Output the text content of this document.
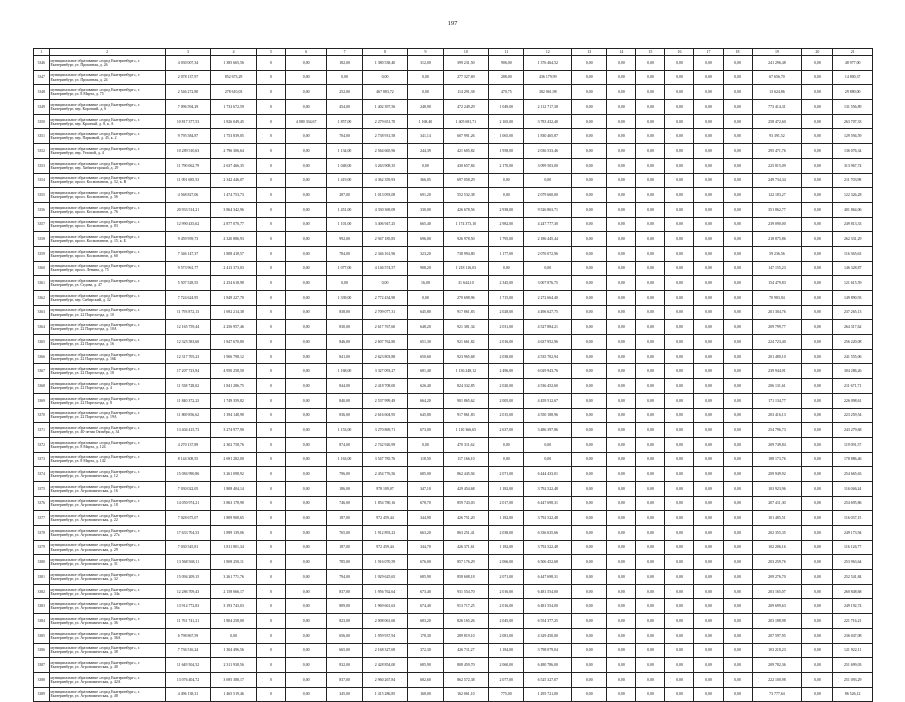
197
1	2	3	4	5	6	7	8	9	10	11	12	13	14	15	16	17	18	19	20	21
3346	муниципальное образование «город Екатеринбург», г. Екатеринбург, ул. Прокатная, д. 26	4 030 007,34	1 385 665,56	0	0,00	182,00	1 380 538,40	312,00	399 231,50	906,00	1 376 464,52	0,00	0,00	0,00	0,00	0,00	0,00	241 296,48	0,00	48 977,00
3347	муниципальное образование «город Екатеринбург», г. Екатеринбург, ул. Прокатная, д. 24	2 078 137,97	852 673,29	0	0,00	0,00	0,00	0,00	277 327,69	288,00	436 179,99	0,00	0,00	0,00	0,00	0,00	0,00	67 656,70	0,00	14 800,37
3348	муниципальное образование «город Екатеринбург», г. Екатеринбург, ул. 8 Марта, д. 75	2 546 272,80	278 610,03	0	0,00	252,00	467 883,72	0,00	114 291,38	470,75	382 061,98	0,00	0,00	0,00	0,00	0,00	0,00	13 624,86	0,00	29 880,00
3349	муниципальное образование «город Екатеринбург», г. Екатеринбург, пер. Короткий, д. 6	7 096 594,29	1 733 672,59	0	0,00	454,00	1 402 397,56	248,90	472 249,29	1 049,00	2 112 717,38	0,00	0,00	0,00	0,00	0,00	0,00	773 414,31	0,00	131 556,89
3350	муниципальное образование «город Екатеринбург», г. Екатеринбург, пер. Красный, д. 8, к. А	10 817 377,53	1 826 049,45	0	4 080 334,67	1 857,00	2 279 651,70	1 168,40	1 405 681,71	2 165,00	3 783 432,40	0,00	0,00	0,00	0,00	0,00	0,00	258 472,60	0,00	263 707,33
3351	муниципальное образование «город Екатеринбург», г. Екатеринбург, пер. Парковый, д. 45, к. 2	9 795 584,87	1 753 839,05	0	0,00	704,00	2 738 931,58	341,14	607 991,26	1 065,00	1 830 465,87	0,00	0,00	0,00	0,00	0,00	0,00	93 391,52	0,00	129 594,59
3352	муниципальное образование «город Екатеринбург», г. Екатеринбург, пер. Угловой, д. 4	10 289 510,63	2 796 306,64	0	0,00	1 134,00	2 564 665,96	244,39	421 605,82	1 958,00	2 036 533,46	0,00	0,00	0,00	0,00	0,00	0,00	295 471,76	0,00	136 076,34
3353	муниципальное образование «город Екатеринбург», г. Екатеринбург, пер. Хибиногорский, д. 29	11 790 062,79	2 637 466,35	0	0,00	1 048,00	3 263 908,35	0,00	430 657,84	2 170,00	3 099 503,00	0,00	0,00	0,00	0,00	0,00	0,00	225 815,09	0,00	313 967,74
3354	муниципальное образование «город Екатеринбург», г. Екатеринбург, просп. Космонавтов, д. 52, к. В	11 091 685,53	2 342 446,07	0	0,00	1 419,00	4 362 359,93	366,05	697 058,29	0,00	0,00	0,00	0,00	0,00	0,00	0,00	0,00	249 734,34	0,00	211 703,98
3355	муниципальное образование «город Екатеринбург», г. Екатеринбург, просп. Космонавтов, д. 56	4 568 827,06	1 474 753,73	0	0,00	287,00	1 013 093,08	691,20	552 532,38	0,00	2 079 660,00	0,00	0,00	0,00	0,00	0,00	0,00	122 183,27	0,00	122 326,28
3356	муниципальное образование «город Екатеринбург», г. Екатеринбург, просп. Космонавтов, д. 76	20 933 514,21	3 864 342,96	0	0,00	1 451,00	4 330 369,09	330,00	426 678,56	2 938,00	9 526 863,71	0,00	0,00	0,00	0,00	0,00	0,00	351 862,77	0,00	401 864,06
3357	муниципальное образование «город Екатеринбург», г. Екатеринбург, просп. Космонавтов, д. 83	12 990 435,62	2 877 070,77	0	0,00	1 101,00	3 406 947,25	665,40	1 174 373,10	2 982,00	4 247 777,30	0,00	0,00	0,00	0,00	0,00	0,00	239 090,00	0,00	249 813,33
3358	муниципальное образование «город Екатеринбург», г. Екатеринбург, просп. Космонавтов, д. 15, к. Б	9 459 959,73	2 320 886,93	0	0,00	992,00	2 947 185,85	696,00	926 978,50	1 795,00	2 186 445,44	0,00	0,00	0,00	0,00	0,00	0,00	218 875,86	0,00	262 331,29
3359	муниципальное образование «город Екатеринбург», г. Екатеринбург, просп. Космонавтов, д. 60	7 346 147,37	1 808 418,57	0	0,00	784,00	2 346 161,96	323,20	738 994,80	1 177,00	2 076 072,96	0,00	0,00	0,00	0,00	0,00	0,00	59 236,56	0,00	116 365,63
3360	муниципальное образование «город Екатеринбург», г. Екатеринбург, просп. Ленина, д. 75	9 573 961,77	2 413 373,03	0	0,00	1 077,00	4 146 574,57	908,20	1 218 116,03	0,00	0,00	0,00	0,00	0,00	0,00	0,00	0,00	147 155,23	0,00	146 328,87
3361	муниципальное образование «город Екатеринбург», г. Екатеринбург, ул. Седова, д. 47	5 507 528,55	2 254 618,98	0	0,00	0,00	0,00	16,00	31 644,10	2 345,00	3 007 876,75	0,00	0,00	0,00	0,00	0,00	0,00	154 479,83	0,00	121 615,59
3362	муниципальное образование «город Екатеринбург», г. Екатеринбург, пер. Сибирский, д. 32	7 724 624,95	1 849 227,70	0	0,00	1 339,00	2 772 434,90	0,00	270 698,96	1 715,00	2 272 664,40	0,00	0,00	0,00	0,00	0,00	0,00	70 983,94	0,00	149 890,93
3363	муниципальное образование «город Екатеринбург», г. Екатеринбург, ул. 22 Партсъезда, д. 10	11 793 872,13	1 692 214,38	0	0,00	838,00	2 709 077,31	645,80	917 861,83	2 028,00	4 496 627,75	0,00	0,00	0,00	0,00	0,00	0,00	201 304,76	0,00	237 265,13
3364	муниципальное образование «город Екатеринбург», г. Екатеринбург, ул. 22 Партсъезда, д. 10А	12 165 759,44	2 256 957,46	0	0,00	830,00	2 617 767,60	648,20	921 381,34	2 031,00	4 527 884,21	0,00	0,00	0,00	0,00	0,00	0,00	209 799,77	0,00	264 317,62
3365	муниципальное образование «город Екатеринбург», г. Екатеринбург, ул. 22 Партсъезда, д. 16	12 325 583,60	1 847 670,80	0	0,00	846,00	2 607 762,80	651,30	921 661,82	2 016,00	4 637 952,96	0,00	0,00	0,00	0,00	0,00	0,00	224 723,40	0,00	256 220,08
3366	муниципальное образование «город Екатеринбург», г. Екатеринбург, ул. 22 Партсъезда, д. 16Б	12 317 705,23	1 906 798,12	0	0,00	841,00	2 623 803,88	650,60	923 965,68	2 038,00	4 535 702,94	0,00	0,00	0,00	0,00	0,00	0,00	201 480,10	0,00	241 555,06
3367	муниципальное образование «город Екатеринбург», г. Екатеринбург, ул. 22 Партсъезда, д. 18	17 207 723,94	4 950 258,50	0	0,00	1 168,00	3 327 093,27	681,40	1 136 248,12	2 496,00	6 029 943,76	0,00	0,00	0,00	0,00	0,00	0,00	239 944,91	0,00	304 286,26
3368	муниципальное образование «город Екатеринбург», г. Екатеринбург, ул. 22 Партсъезда, д. 4	11 538 728,02	1 841 286,75	0	0,00	844,00	2 418 708,00	626,40	824 332,85	2 020,00	4 536 452,60	0,00	0,00	0,00	0,00	0,00	0,00	206 131,61	0,00	211 671,71
3369	муниципальное образование «город Екатеринбург», г. Екатеринбург, ул. 22 Партсъезда, д. 8	11 840 372,23	1 749 359,82	0	0,00	840,00	2 537 999,49	664,20	901 865,62	2 005,00	4 459 512,67	0,00	0,00	0,00	0,00	0,00	0,00	171 134,77	0,00	226 098,61
3370	муниципальное образование «город Екатеринбург», г. Екатеринбург, ул. 22 Партсъезда, д. 19А	11 869 856,62	1 394 148,98	0	0,00	836,00	2 616 604,95	645,80	917 861,83	2 015,00	4 550 188,96	0,00	0,00	0,00	0,00	0,00	0,00	203 416,13	0,00	223 259,54
3371	муниципальное образование «город Екатеринбург», г. Екатеринбург, ул. 40-летия Октября, д. 34	13 404 415,73	3 274 977,90	0	0,00	1 153,00	3 270 869,71	673,00	1 110 366,65	2 637,00	3 486 397,86	0,00	0,00	0,00	0,00	0,00	0,00	254 796,73	0,00	243 279,68
3372	муниципальное образование «город Екатеринбург», г. Екатеринбург, ул. 8 Марта, д. 124	4 270 137,89	2 302 758,76	0	0,00	874,00	2 742 926,99	0,00	470 311,62	0,00	0,00	0,00	0,00	0,00	0,00	0,00	0,00	209 749,84	0,00	119 091,57
3373	муниципальное образование «город Екатеринбург», г. Екатеринбург, ул. 8 Марта, д. 142	8 144 308,55	2 691 282,00	0	0,00	1 163,00	3 547 785,76	118,50	117 166,10	0,00	0,00	0,00	0,00	0,00	0,00	0,00	0,00	188 173,76	0,00	178 886,46
3374	муниципальное образование «город Екатеринбург», г. Екатеринбург, ул. Агрономическая, д. 12	15 084 990,86	3 261 098,92	0	0,00	796,00	2 454 776,56	685,00	862 445,94	2 071,00	6 444 433,01	0,00	0,00	0,00	0,00	0,00	0,00	209 949,92	0,00	254 665,63
3375	муниципальное образование «город Екатеринбург», г. Екатеринбург, ул. Агрономическая, д. 16	7 030 022,05	1 808 404,14	0	0,00	186,00	978 109,07	347,10	429 454,68	1 182,00	3 792 522,48	0,00	0,00	0,00	0,00	0,00	0,00	103 923,96	0,00	116 046,24
3376	муниципальное образование «город Екатеринбург», г. Екатеринбург, ул. Агрономическая, д. 18	14 050 974,21	3 863 178,98	0	0,00	746,00	1 854 780,16	678,70	859 743,03	2 017,00	6 447 698,31	0,00	0,00	0,00	0,00	0,00	0,00	207 411,30	0,00	254 695,86
3377	муниципальное образование «город Екатеринбург», г. Екатеринбург, ул. Агрономическая, д. 22	7 028 675,07	1 809 908,65	0	0,00	187,00	972 459,44	344,90	426 751,20	1 182,00	3 792 522,48	0,00	0,00	0,00	0,00	0,00	0,00	101 485,51	0,00	116 037,15
3378	муниципальное образование «город Екатеринбург», г. Екатеринбург, ул. Агрономическая, д. 27а	17 633 704,53	1 899 139,06	0	0,00	765,00	1 912 893,23	663,20	863 251,41	2 038,00	6 336 635,66	0,00	0,00	0,00	0,00	0,00	0,00	202 355,35	0,00	249 173,94
3379	муниципальное образование «город Екатеринбург», г. Екатеринбург, ул. Агрономическая, д. 29	7 030 545,81	1 811 801,34	0	0,00	187,00	972 459,44	344,70	426 371,61	1 182,00	3 792 522,48	0,00	0,00	0,00	0,00	0,00	0,00	102 206,16	0,00	116 126,77
3380	муниципальное образование «город Екатеринбург», г. Екатеринбург, ул. Агрономическая, д. 31	13 568 568,11	1 869 250,11	0	0,00	785,00	1 916 070,59	676,00	857 176,29	2 066,00	6 506 452,68	0,00	0,00	0,00	0,00	0,00	0,00	203 259,76	0,00	253 963,64
3381	муниципальное образование «город Екатеринбург», г. Екатеринбург, ул. Агрономическая, д. 32	15 094 209,15	3 261 771,76	0	0,00	794,00	1 929 625,65	685,90	858 608,18	2 071,00	6 447 698,31	0,00	0,00	0,00	0,00	0,00	0,00	209 276,70	0,00	252 541,84
3382	муниципальное образование «город Екатеринбург», г. Екатеринбург, ул. Агрономическая, д. 34а	12 286 709,43	2 158 066,17	0	0,00	837,00	1 956 762,64	673,40	931 554,70	2 016,00	6 481 554,00	0,00	0,00	0,00	0,00	0,00	0,00	203 165,07	0,00	260 848,68
3383	муниципальное образование «город Екатеринбург», г. Екатеринбург, ул. Агрономическая, д. 36а	13 914 772,83	3 193 743,03	0	0,00	809,00	1 969 661,63	674,40	913 717,25	2 016,00	6 481 554,00	0,00	0,00	0,00	0,00	0,00	0,00	209 699,63	0,00	249 192,74
3384	муниципальное образование «город Екатеринбург», г. Екатеринбург, ул. Агрономическая, д. 36	11 761 741,21	1 804 258,00	0	0,00	823,00	2 008 061,60	683,20	826 165,26	2 045,00	6 554 377,25	0,00	0,00	0,00	0,00	0,00	0,00	203 188,98	0,00	221 716,21
3385	муниципальное образование «город Екатеринбург», г. Екатеринбург, ул. Агрономическая, д. 36А	6 798 867,59	0,00	0	0,00	656,00	1 959 937,94	178,30	289 819,10	2 081,00	4 329 450,00	0,00	0,00	0,00	0,00	0,00	0,00	207 597,95	0,00	236 047,08
3386	муниципальное образование «город Екатеринбург», г. Екатеринбург, ул. Агрономическая, д. 38	7 736 516,24	1 304 496,56	0	0,00	665,00	2 168 327,69	372,30	426 711,27	1 184,00	3 798 079,04	0,00	0,00	0,00	0,00	0,00	0,00	103 218,23	0,00	121 922,11
3387	муниципальное образование «город Екатеринбург», г. Екатеринбург, ул. Агрономическая, д. 40	11 649 504,52	2 311 938,56	0	0,00	832,00	2 428 854,00	685,90	808 459,70	2 060,00	6 480 786,00	0,00	0,00	0,00	0,00	0,00	0,00	209 782,36	0,00	251 699,03
3388	муниципальное образование «город Екатеринбург», г. Екатеринбург, ул. Агрономическая, д. 42А	13 076 404,72	3 695 388,17	0	0,00	837,00	2 960 267,84	682,60	862 572,38	2 077,00	6 525 327,07	0,00	0,00	0,00	0,00	0,00	0,00	222 100,98	0,00	251 093,29
3389	муниципальное образование «город Екатеринбург», г. Екатеринбург, ул. Агрономическая, д. 48	4 496 138,31	1 465 519,46	0	0,00	345,00	1 415 286,85	168,00	162 061,10	775,00	1 295 721,00	0,00	0,00	0,00	0,00	0,00	0,00	73 777,64	0,00	86 526,12
